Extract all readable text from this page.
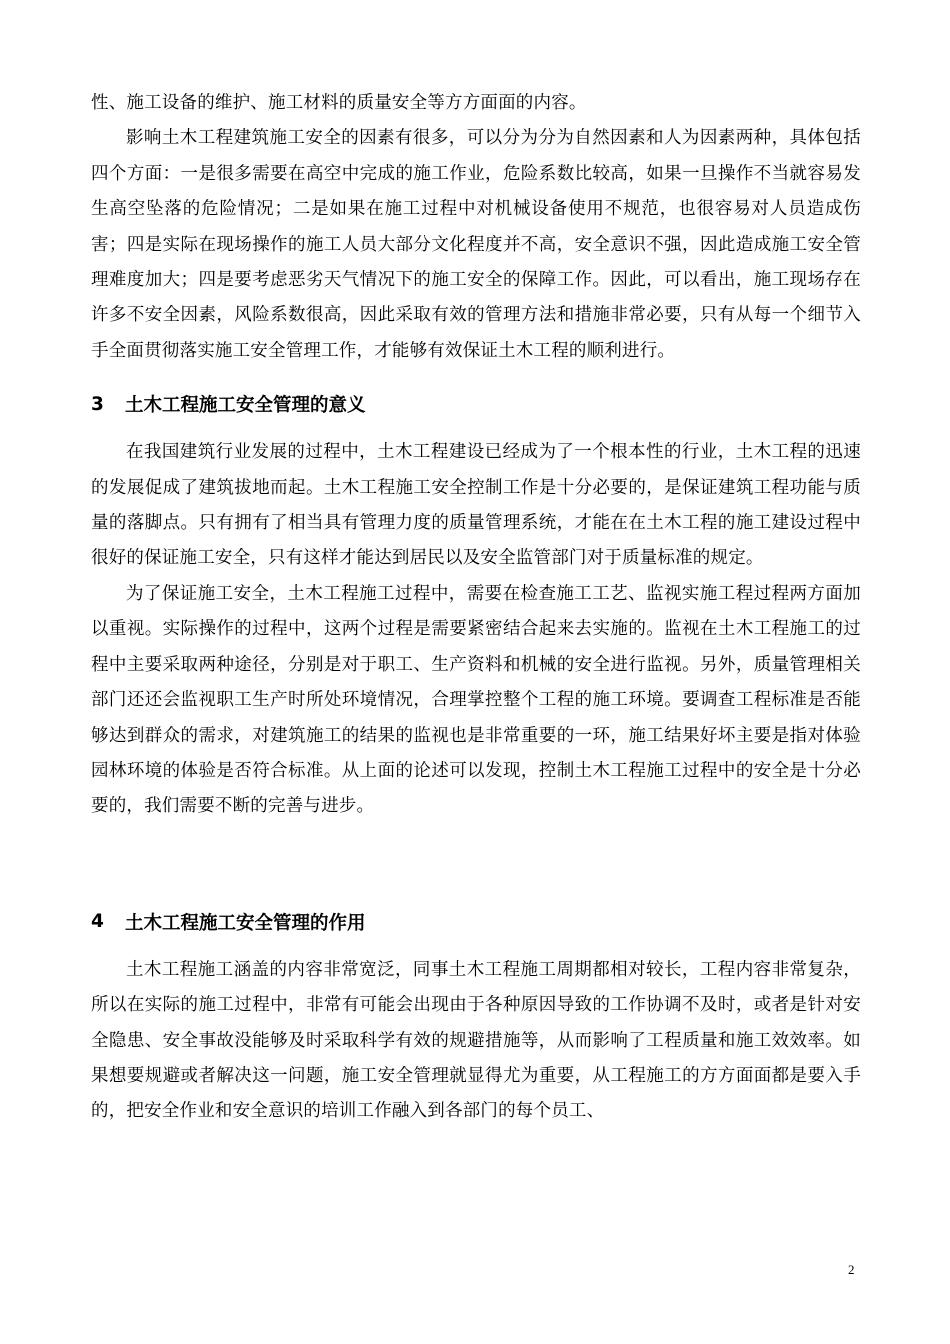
性、施工设备的维护、施工材料的质量安全等方方面面的内容。

影响土木工程建筑施工安全的因素有很多，可以分为分为自然因素和人为因素两种，具体包括四个方面：一是很多需要在高空中完成的施工作业，危险系数比较高，如果一旦操作不当就容易发生高空坠落的危险情况；二是如果在施工过程中对机械设备使用不规范，也很容易对人员造成伤害；四是实际在现场操作的施工人员大部分文化程度并不高，安全意识不强，因此造成施工安全管理难度加大；四是要考虑恶劣天气情况下的施工安全的保障工作。因此，可以看出，施工现场存在许多不安全因素，风险系数很高，因此采取有效的管理方法和措施非常必要，只有从每一个细节入手全面贯彻落实施工安全管理工作，才能够有效保证土木工程的顺利进行。

3	土木工程施工安全管理的意义

在我国建筑行业发展的过程中，土木工程建设已经成为了一个根本性的行业，土木工程的迅速的发展促成了建筑拔地而起。土木工程施工安全控制工作是十分必要的，是保证建筑工程功能与质量的落脚点。只有拥有了相当具有管理力度的质量管理系统，才能在在土木工程的施工建设过程中很好的保证施工安全，只有这样才能达到居民以及安全监管部门对于质量标准的规定。

为了保证施工安全，土木工程施工过程中，需要在检查施工工艺、监视实施工程过程两方面加以重视。实际操作的过程中，这两个过程是需要紧密结合起来去实施的。监视在土木工程施工的过程中主要采取两种途径，分别是对于职工、生产资料和机械的安全进行监视。另外，质量管理相关部门还还会监视职工生产时所处环境情况，合理掌控整个工程的施工环境。要调查工程标准是否能够达到群众的需求，对建筑施工的结果的监视也是非常重要的一环，施工结果好坏主要是指对体验园林环境的体验是否符合标准。从上面的论述可以发现，控制土木工程施工过程中的安全是十分必要的，我们需要不断的完善与进步。

4	土木工程施工安全管理的作用

土木工程施工涵盖的内容非常宽泛，同事土木工程施工周期都相对较长，工程内容非常复杂，所以在实际的施工过程中，非常有可能会出现由于各种原因导致的工作协调不及时，或者是针对安全隐患、安全事故没能够及时采取科学有效的规避措施等，从而影响了工程质量和施工效效率。如果想要规避或者解决这一问题，施工安全管理就显得尤为重要，从工程施工的方方面面都是要入手的，把安全作业和安全意识的培训工作融入到各部门的每个员工、

2
